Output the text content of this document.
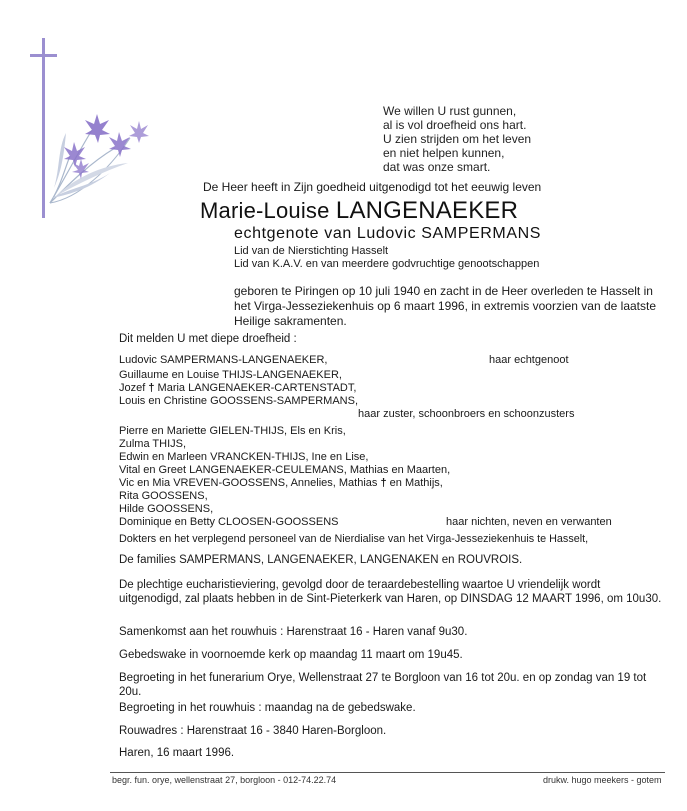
We willen U rust gunnen,
al is vol droefheid ons hart.
U zien strijden om het leven
en niet helpen kunnen,
dat was onze smart.
De Heer heeft in Zijn goedheid uitgenodigd tot het eeuwig leven
Marie-Louise LANGENAEKER
echtgenote van Ludovic SAMPERMANS
Lid van de Nierstichting Hasselt
Lid van K.A.V. en van meerdere godvruchtige genootschappen
geboren te Piringen op 10 juli 1940 en zacht in de Heer overleden te Hasselt in het Virga-Jesseziekenhuis op 6 maart 1996, in extremis voorzien van de laatste Heilige sakramenten.
Dit melden U met diepe droefheid :
Ludovic SAMPERMANS-LANGENAEKER,	haar echtgenoot
Guillaume en Louise THIJS-LANGENAEKER,
Jozef † Maria LANGENAEKER-CARTENSTADT,
Louis en Christine GOOSSENS-SAMPERMANS,
haar zuster, schoonbroers en schoonzusters
Pierre en Mariette GIELEN-THIJS, Els en Kris,
Zulma THIJS,
Edwin en Marleen VRANCKEN-THIJS, Ine en Lise,
Vital en Greet LANGENAEKER-CEULEMANS, Mathias en Maarten,
Vic en Mia VREVEN-GOOSSENS, Annelies, Mathias † en Mathijs,
Rita GOOSSENS,
Hilde GOOSSENS,
Dominique en Betty CLOOSEN-GOOSSENS	haar nichten, neven en verwanten
Dokters en het verplegend personeel van de Nierdialise van het Virga-Jesseziekenhuis te Hasselt,
De families SAMPERMANS, LANGENAEKER, LANGENAKEN en ROUVROIS.
De plechtige eucharistieviering, gevolgd door de teraardebestelling waartoe U vriendelijk wordt uitgenodigd, zal plaats hebben in de Sint-Pieterkerk van Haren, op DINSDAG 12 MAART 1996, om 10u30.
Samenkomst aan het rouwhuis : Harenstraat 16 - Haren vanaf 9u30.
Gebedswake in voornoemde kerk op maandag 11 maart om 19u45.
Begroeting in het funerarium Orye, Wellenstraat 27 te Borgloon van 16 tot 20u. en op zondag van 19 tot 20u.
Begroeting in het rouwhuis : maandag na de gebedswake.
Rouwadres : Harenstraat 16 - 3840 Haren-Borgloon.
Haren, 16 maart 1996.
begr. fun. orye, wellenstraat 27, borgloon - 012-74.22.74	drukw. hugo meekers - gotem
